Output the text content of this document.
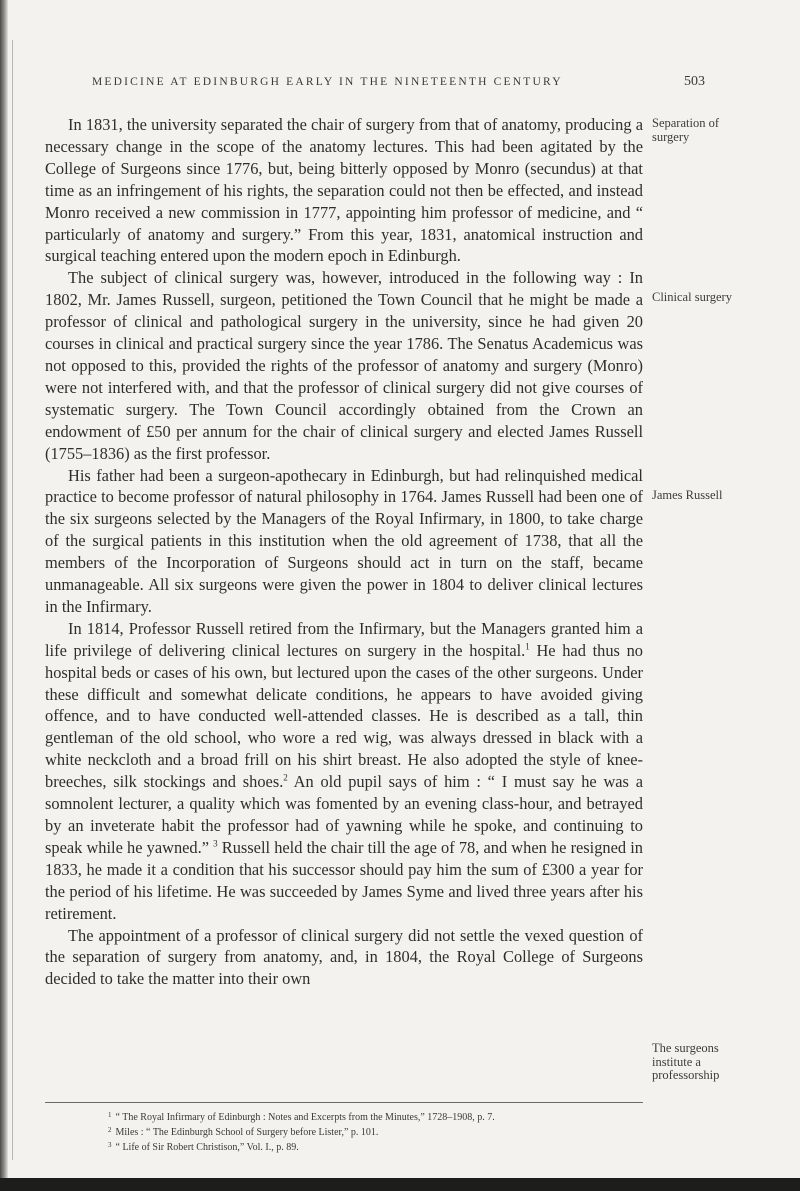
MEDICINE AT EDINBURGH EARLY IN THE NINETEENTH CENTURY	503

In 1831, the university separated the chair of surgery from that of anatomy, producing a necessary change in the scope of the anatomy lectures. This had been agitated by the College of Surgeons since 1776, but, being bitterly opposed by Monro (secundus) at that time as an infringement of his rights, the separation could not then be effected, and instead Monro received a new commission in 1777, appointing him professor of medicine, and “ particularly of anatomy and surgery.” From this year, 1831, anatomical instruction and surgical teaching entered upon the modern epoch in Edinburgh.

The subject of clinical surgery was, however, introduced in the following way : In 1802, Mr. James Russell, surgeon, petitioned the Town Council that he might be made a professor of clinical and pathological surgery in the university, since he had given 20 courses in clinical and practical surgery since the year 1786. The Senatus Academicus was not opposed to this, provided the rights of the professor of anatomy and surgery (Monro) were not interfered with, and that the professor of clinical surgery did not give courses of systematic surgery. The Town Council accordingly obtained from the Crown an endowment of £50 per annum for the chair of clinical surgery and elected James Russell (1755–1836) as the first professor.

His father had been a surgeon-apothecary in Edinburgh, but had relinquished medical practice to become professor of natural philosophy in 1764. James Russell had been one of the six surgeons selected by the Managers of the Royal Infirmary, in 1800, to take charge of the surgical patients in this institution when the old agreement of 1738, that all the members of the Incorporation of Surgeons should act in turn on the staff, became unmanageable. All six surgeons were given the power in 1804 to deliver clinical lectures in the Infirmary.

In 1814, Professor Russell retired from the Infirmary, but the Managers granted him a life privilege of delivering clinical lectures on surgery in the hospital.$^1$ He had thus no hospital beds or cases of his own, but lectured upon the cases of the other surgeons. Under these difficult and somewhat delicate conditions, he appears to have avoided giving offence, and to have conducted well-attended classes. He is described as a tall, thin gentleman of the old school, who wore a red wig, was always dressed in black with a white neckcloth and a broad frill on his shirt breast. He also adopted the style of knee-breeches, silk stockings and shoes.$^2$ An old pupil says of him : “ I must say he was a somnolent lecturer, a quality which was fomented by an evening class-hour, and betrayed by an inveterate habit the professor had of yawning while he spoke, and continuing to speak while he yawned.” $^3$ Russell held the chair till the age of 78, and when he resigned in 1833, he made it a condition that his successor should pay him the sum of £300 a year for the period of his lifetime. He was succeeded by James Syme and lived three years after his retirement.

The appointment of a professor of clinical surgery did not settle the vexed question of the separation of surgery from anatomy, and, in 1804, the Royal College of Surgeons decided to take the matter into their own

Separation of surgery
Clinical surgery
James Russell
The surgeons institute a professorship
$^1$ “ The Royal Infirmary of Edinburgh : Notes and Excerpts from the Minutes,” 1728–1908, p. 7.
$^2$ Miles : “ The Edinburgh School of Surgery before Lister,” p. 101.
$^3$ “ Life of Sir Robert Christison,” Vol. I., p. 89.
